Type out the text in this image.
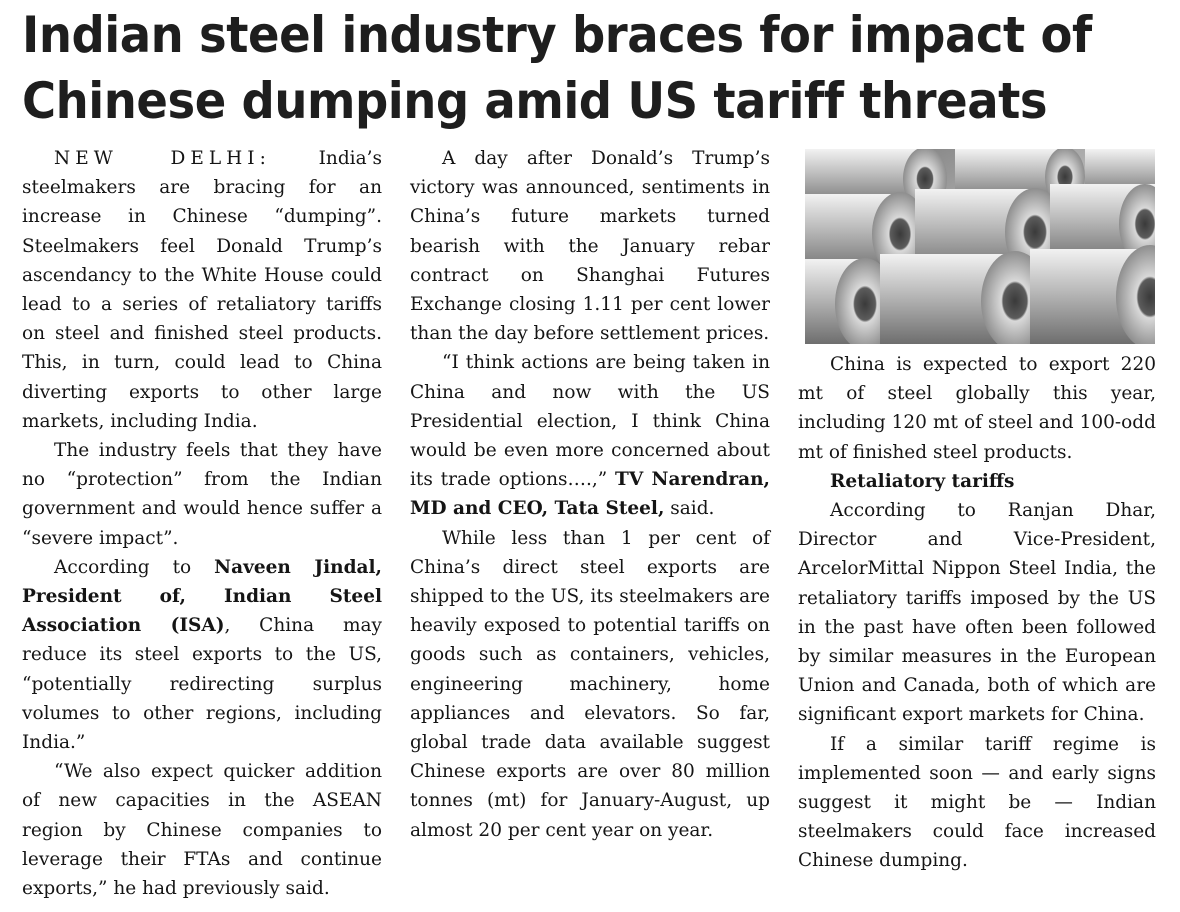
Indian steel industry braces for impact of
Chinese dumping amid US tariff threats

NEW DELHI: India’s steelmakers are bracing for an increase in Chinese “dumping”. Steelmakers feel Donald Trump’s ascendancy to the White House could lead to a series of retaliatory tariffs on steel and finished steel products. This, in turn, could lead to China diverting exports to other large markets, including India.

The industry feels that they have no “protection” from the Indian government and would hence suffer a “severe impact”.

According to Naveen Jindal, President of, Indian Steel Association (ISA), China may reduce its steel exports to the US, “potentially redirecting surplus volumes to other regions, including India.”

“We also expect quicker addition of new capacities in the ASEAN region by Chinese companies to leverage their FTAs and continue exports,” he had previously said.

A day after Donald’s Trump’s victory was announced, sentiments in China’s future markets turned bearish with the January rebar contract on Shanghai Futures Exchange closing 1.11 per cent lower than the day before settlement prices.

“I think actions are being taken in China and now with the US Presidential election, I think China would be even more concerned about its trade options….,” TV Narendran, MD and CEO, Tata Steel, said.

While less than 1 per cent of China’s direct steel exports are shipped to the US, its steelmakers are heavily exposed to potential tariffs on goods such as containers, vehicles, engineering machinery, home appliances and elevators. So far, global trade data available suggest Chinese exports are over 80 million tonnes (mt) for January-August, up almost 20 per cent year on year.

China is expected to export 220 mt of steel globally this year, including 120 mt of steel and 100-odd mt of finished steel products.

Retaliatory tariffs

According to Ranjan Dhar, Director and Vice-President, ArcelorMittal Nippon Steel India, the retaliatory tariffs imposed by the US in the past have often been followed by similar measures in the European Union and Canada, both of which are significant export markets for China.

If a similar tariff regime is implemented soon — and early signs suggest it might be — Indian steelmakers could face increased Chinese dumping.
